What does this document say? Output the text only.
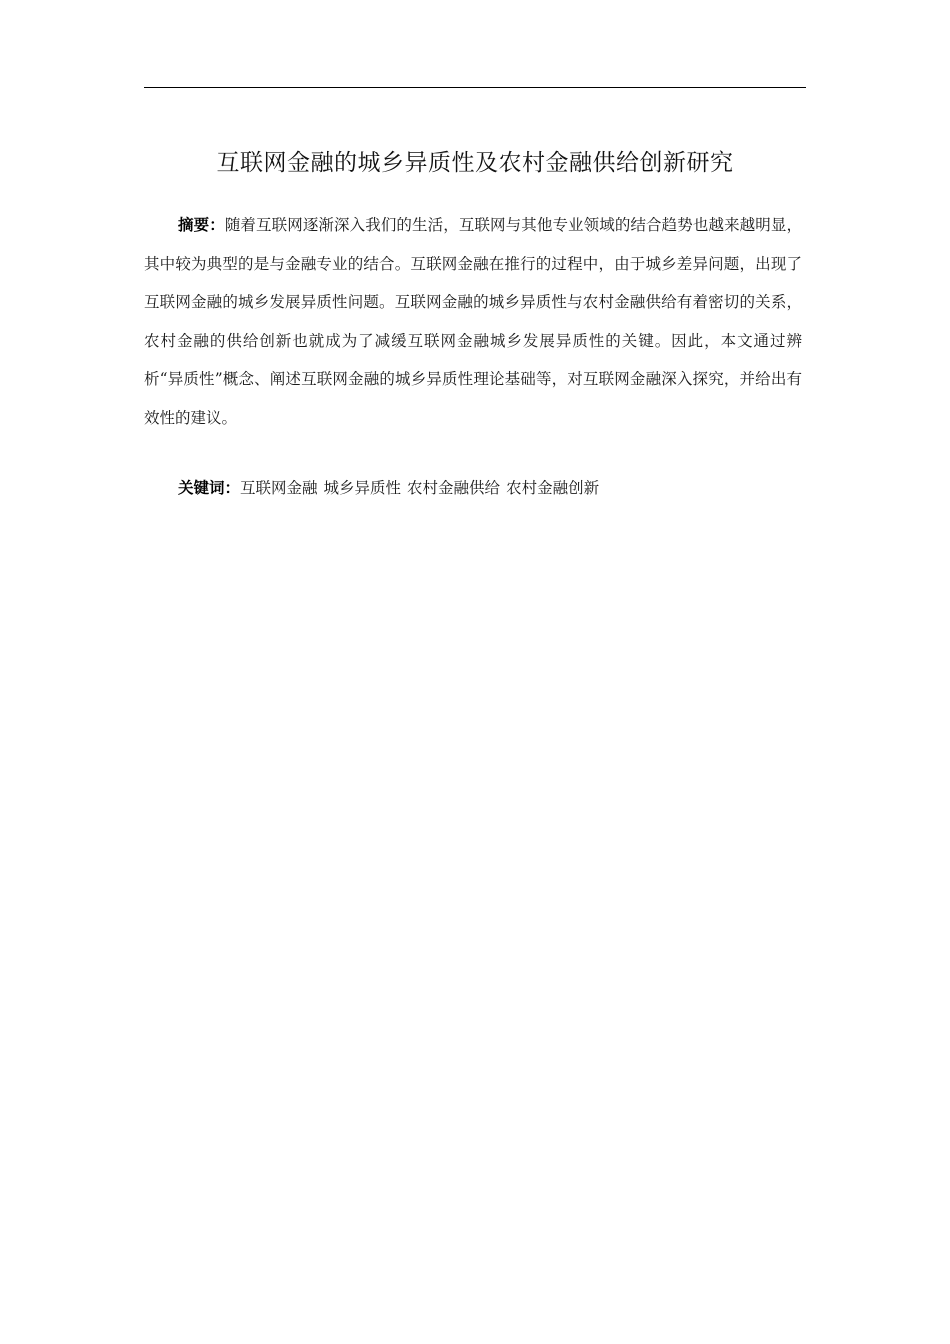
互联网金融的城乡异质性及农村金融供给创新研究

摘要：随着互联网逐渐深入我们的生活，互联网与其他专业领域的结合趋势也越来越明显，其中较为典型的是与金融专业的结合。互联网金融在推行的过程中，由于城乡差异问题，出现了互联网金融的城乡发展异质性问题。互联网金融的城乡异质性与农村金融供给有着密切的关系，农村金融的供给创新也就成为了减缓互联网金融城乡发展异质性的关键。因此，本文通过辨析“异质性”概念、阐述互联网金融的城乡异质性理论基础等，对互联网金融深入探究，并给出有效性的建议。

关键词：互联网金融 城乡异质性 农村金融供给 农村金融创新
